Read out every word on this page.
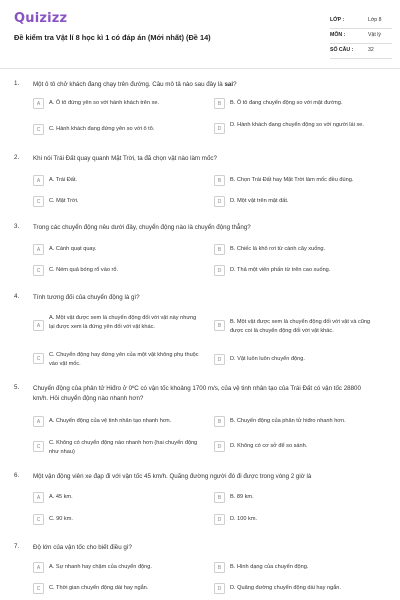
Quizizz
Đề kiểm tra Vật lí 8 học kì 1 có đáp án (Mới nhất) (Đề 14)
LỚP :	Lớp 8
MÔN :	Vật lý
SỐ CÂU :	32
1. Một ô tô chở khách đang chạy trên đường. Câu mô tả nào sau đây là sai?
A	A. Ô tô đứng yên so với hành khách trên xe.	B	B. Ô tô đang chuyển động so với mặt đường.
C	C. Hành khách đang đứng yên so với ô tô.	D
D. Hành khách đang chuyển động so với người lái xe.
2. Khi nói Trái Đất quay quanh Mặt Trời, ta đã chọn vật nào làm mốc?
A	A. Trái Đất.	B	B. Chọn Trái Đất hay Mặt Trời làm mốc đều đúng.
C	C. Mặt Trời.	D	D. Một vật trên mặt đất.
3. Trong các chuyển động nêu dưới đây, chuyển động nào là chuyển động thẳng?
A	A. Cánh quạt quay.	B	B. Chiếc lá khô rơi từ cành cây xuống.
C	C. Ném quả bóng rổ vào rổ.	D	D. Thả một viên phấn từ trên cao xuống.
4. Tính tương đối của chuyển động là gì?
A
A. Một vật được xem là chuyển động đối với vật này nhưng lại được xem là đứng yên đối với vật khác.	B
B. Một vật được xem là chuyển động đối với vật và cũng được coi là chuyển động đối với vật khác.
C
C. Chuyển động hay đứng yên của một vật không phụ thuộc vào vật mốc.
D	D. Vật luôn luôn chuyển động.
5. Chuyển động của phân tử Hiđro ở 0ºC có vận tốc khoảng 1700 m/s, của vệ tinh nhân tạo của Trái Đất có vận tốc 28800 km/h. Hỏi chuyển động nào nhanh hơn?
A	A. Chuyển động của vệ tinh nhân tạo nhanh hơn.	B	B. Chuyển động của phân tử hiđro nhanh hơn.
C
C. Không có chuyển động nào nhanh hơn (hai chuyển động như nhau)
D	D. Không có cơ sở để so sánh.
6. Một vận động viên xe đạp đi với vận tốc 45 km/h. Quãng đường người đó đi được trong vòng 2 giờ là
A	A. 45 km.	B	B. 89 km.
C	C. 90 km.	D	D. 100 km.
7. Độ lớn của vận tốc cho biết điều gì?
A	A. Sự nhanh hay chậm của chuyển động.	B	B. Hình dạng của chuyển động.
C	C. Thời gian chuyển động dài hay ngắn.	D	D. Quãng đường chuyển động dài hay ngắn.
